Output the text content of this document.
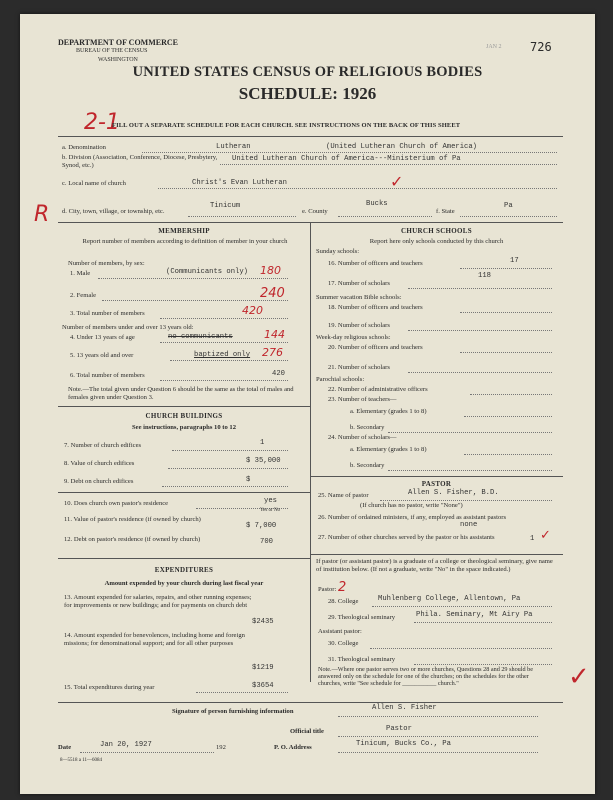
DEPARTMENT OF COMMERCE
BUREAU OF THE CENSUS
WASHINGTON
JAN 2 726
UNITED STATES CENSUS OF RELIGIOUS BODIES
SCHEDULE: 1926
2-1
FILL OUT A SEPARATE SCHEDULE FOR EACH CHURCH. SEE INSTRUCTIONS ON THE BACK OF THIS SHEET
a. Denomination	Lutheran	(United Lutheran Church of America)
b. Division (Association, Conference, Diocese, Presbytery, Synod, etc.)
United Lutheran Church of America---Ministerium of Pa
c. Local name of church	Christ's Evan Lutheran	✓
R d. City, town, village, or township, etc.
Tinicum
e. County
Bucks
f. State
Pa
MEMBERSHIP
Report number of members according to definition of member in your church
Number of members, by sex:
1. Male	(Communicants only) 180
2. Female	240
3. Total number of members	420
Number of members under and over 13 years old:
4. Under 13 years of age	no communicants	144
5. 13 years old and over	baptized only 276
6. Total number of members	420
Note.—The total given under Question 6 should be the same as the total of males and females given under Question 3.
CHURCH BUILDINGS
See instructions, paragraphs 10 to 12
7. Number of church edifices	1
8. Value of church edifices	$ 35,000
9. Debt on church edifices	$
10. Does church own pastor's residence	yes
Yes or No
11. Value of pastor's residence (if owned by church)
$ 7,000
12. Debt on pastor's residence (if owned by church)	700
EXPENDITURES
Amount expended by your church during last fiscal year
13. Amount expended for salaries, repairs, and other running expenses; for improvements or new buildings; and for payments on church debt
$2435
14. Amount expended for benevolences, including home and foreign missions; for denominational support; and for all other purposes
$1219
15. Total expenditures during year	$3654
CHURCH SCHOOLS
Report here only schools conducted by this church
Sunday schools:
16. Number of officers and teachers	17
17. Number of scholars
118
Summer vacation Bible schools:
18. Number of officers and teachers
19. Number of scholars
Week-day religious schools:
20. Number of officers and teachers
21. Number of scholars
Parochial schools:
22. Number of administrative officers
23. Number of teachers—
a. Elementary (grades 1 to 8)
b. Secondary
24. Number of scholars—
a. Elementary (grades 1 to 8)
b. Secondary
PASTOR
25. Name of pastor	Allen S. Fisher, B.D.
(If church has no pastor, write "None")
26. Number of ordained ministers, if any, employed as assistant pastors
none
27. Number of other churches served by the pastor or his assistants	1 ✓
If pastor (or assistant pastor) is a graduate of a college or theological seminary, give name of institution below. (If not a graduate, write "No" in the space indicated.)
Pastor: 2
28. College	Muhlenberg College, Allentown, Pa
29. Theological seminary	Phila. Seminary, Mt Airy Pa
Assistant pastor:
30. College
31. Theological seminary
Note.—Where one pastor serves two or more churches, Questions 28 and 29 should be answered only on the schedule for one of the churches; on the schedules for the other churches, write "See schedule for ___________ church."	✓
Signature of person furnishing information	Allen S. Fisher
Official title	Pastor
Date	Jan 20, 1927	192	P. O. Address	Tinicum, Bucks Co., Pa
8—5518 a 11—6084
